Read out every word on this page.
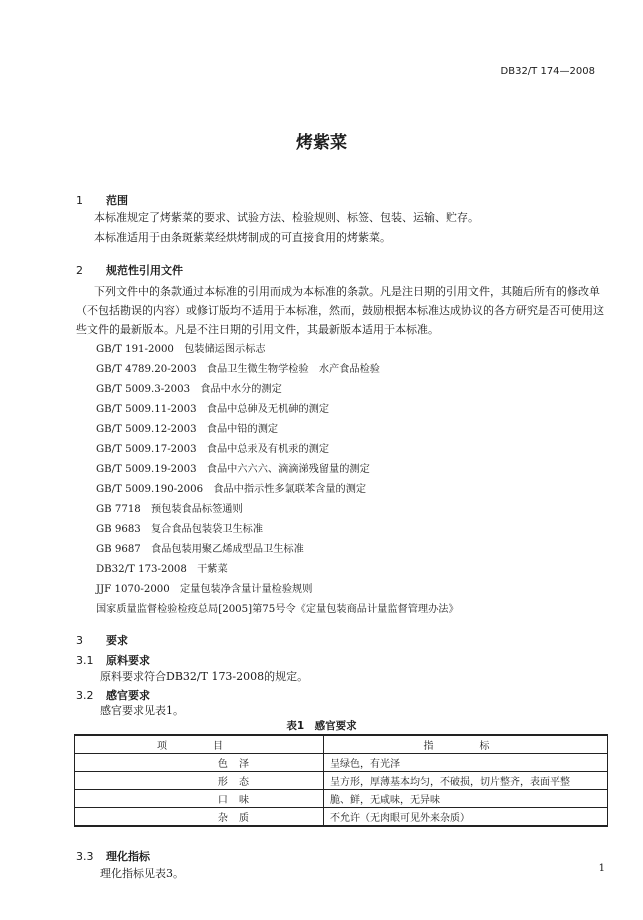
DB32/T 174—2008
烤紫菜
1 范围
本标准规定了烤紫菜的要求、试验方法、检验规则、标签、包装、运输、贮存。
本标准适用于由条斑紫菜经烘烤制成的可直接食用的烤紫菜。
2 规范性引用文件
下列文件中的条款通过本标准的引用而成为本标准的条款。凡是注日期的引用文件，其随后所有的修改单（不包括勘误的内容）或修订版均不适用于本标准，然而，鼓励根据本标准达成协议的各方研究是否可使用这些文件的最新版本。凡是不注日期的引用文件，其最新版本适用于本标准。
GB/T 191-2000　包装储运图示标志
GB/T 4789.20-2003　食品卫生微生物学检验　水产食品检验
GB/T 5009.3-2003　食品中水分的测定
GB/T 5009.11-2003　食品中总砷及无机砷的测定
GB/T 5009.12-2003　食品中铅的测定
GB/T 5009.17-2003　食品中总汞及有机汞的测定
GB/T 5009.19-2003　食品中六六六、滴滴涕残留量的测定
GB/T 5009.190-2006　食品中指示性多氯联苯含量的测定
GB 7718　预包装食品标签通则
GB 9683　复合食品包装袋卫生标准
GB 9687　食品包装用聚乙烯成型品卫生标准
DB32/T 173-2008　干紫菜
JJF 1070-2000　定量包装净含量计量检验规则
国家质量监督检验检疫总局[2005]第75号令《定量包装商品计量监督管理办法》
3 要求
3.1 原料要求
原料要求符合DB32/T 173-2008的规定。
3.2 感官要求
感官要求见表1。
表1　感官要求
项　目	指　标
色 泽	呈绿色，有光泽
形 态	呈方形，厚薄基本均匀，不破损，切片整齐，表面平整
口 味	脆、鲜，无咸味，无异味
杂 质	不允许（无肉眼可见外来杂质）
3.3 理化指标
理化指标见表3。	1
